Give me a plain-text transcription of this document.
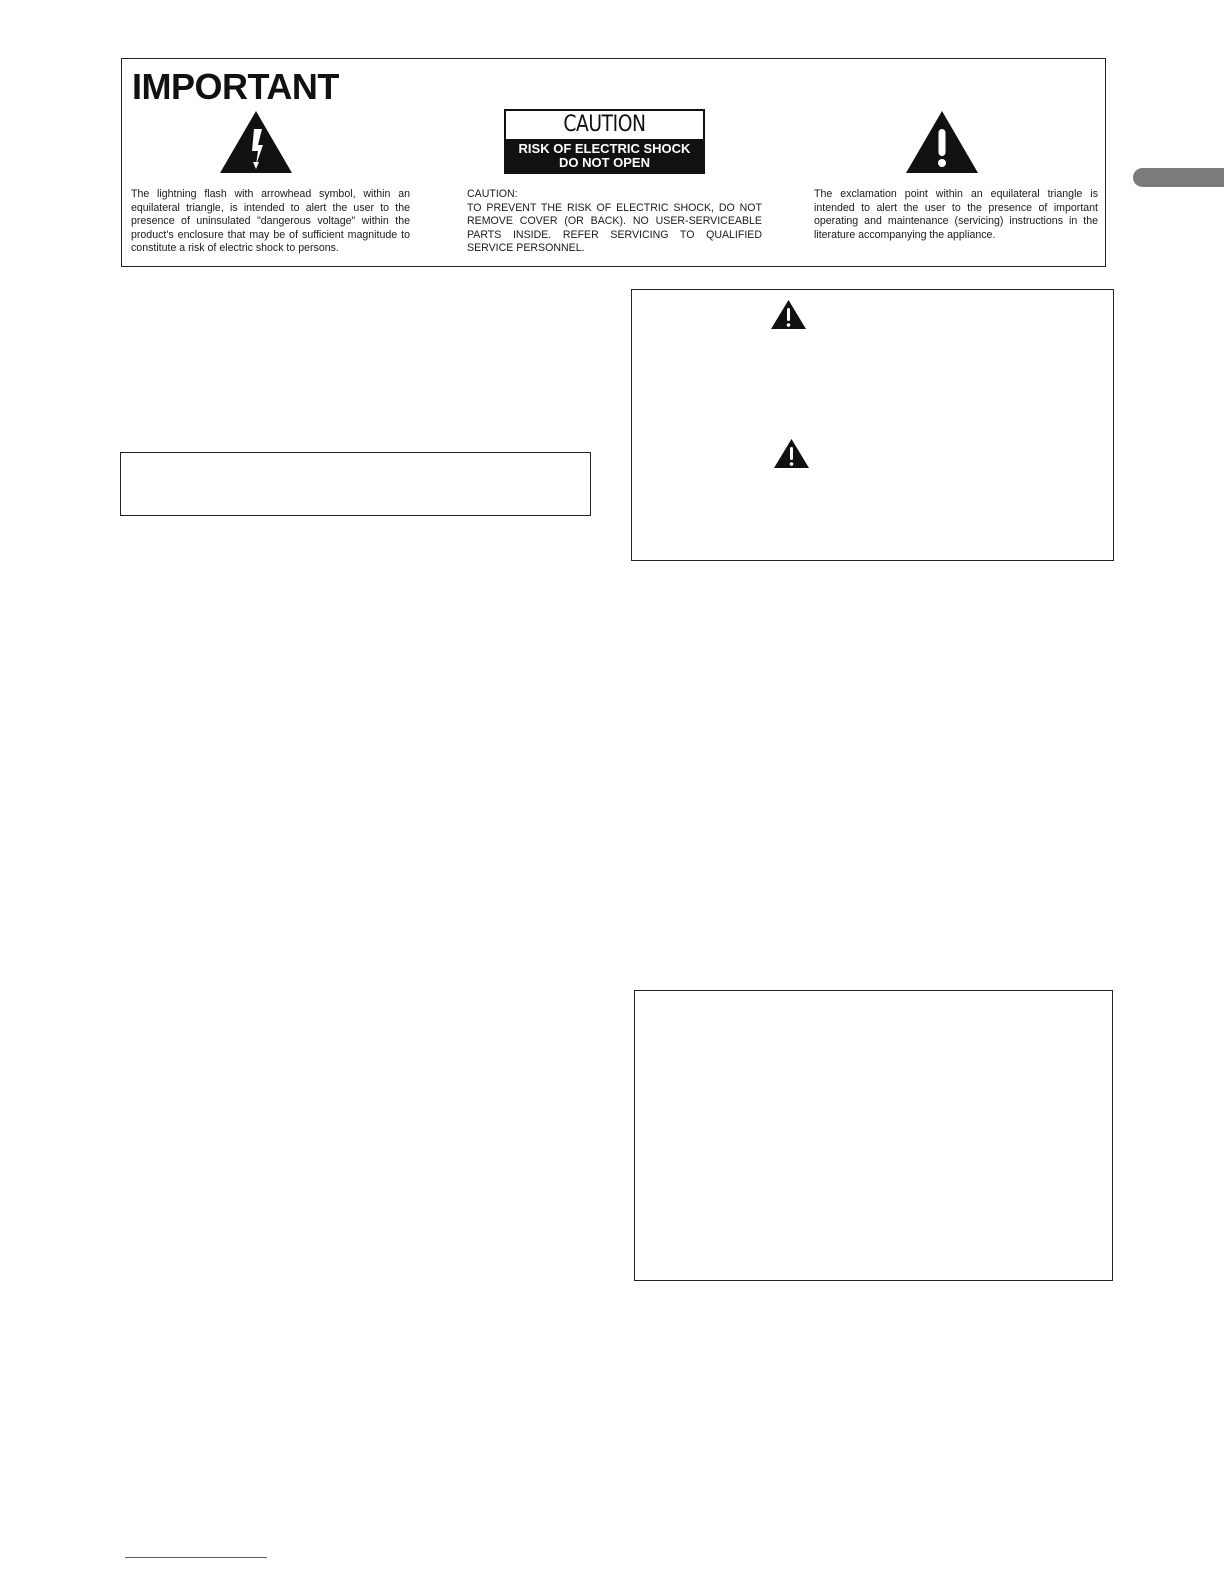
IMPORTANT
CAUTION
RISK OF ELECTRIC SHOCK
DO NOT OPEN
The lightning flash with arrowhead symbol, within an equilateral triangle, is intended to alert the user to the presence of uninsulated "dangerous voltage" within the product's enclosure that may be of sufficient magnitude to constitute a risk of electric shock to persons.
CAUTION:
TO PREVENT THE RISK OF ELECTRIC SHOCK, DO NOT REMOVE COVER (OR BACK). NO USER-SERVICEABLE PARTS INSIDE. REFER SERVICING TO QUALIFIED SERVICE PERSONNEL.
The exclamation point within an equilateral triangle is intended to alert the user to the presence of important operating and maintenance (servicing) instructions in the literature accompanying the appliance.
